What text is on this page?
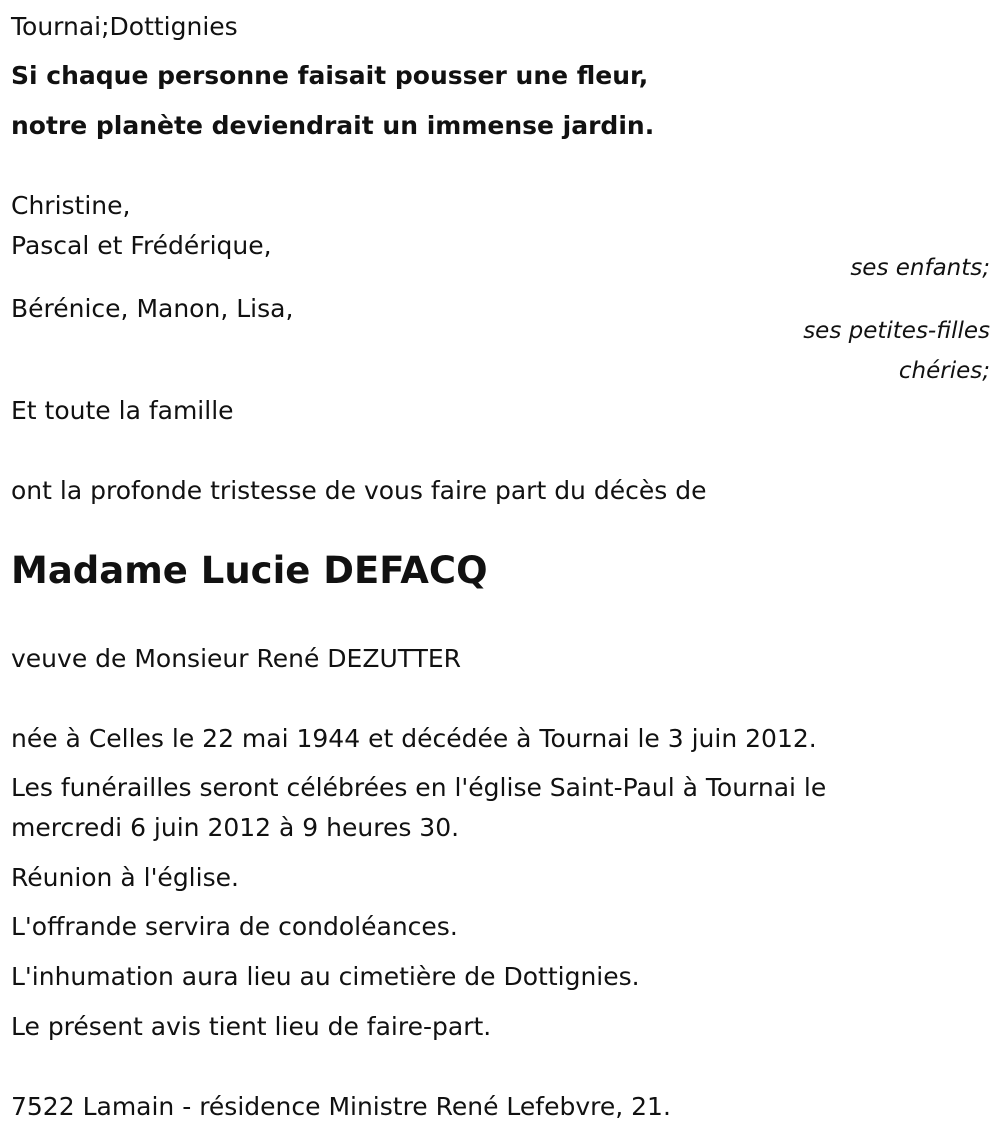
Tournai;Dottignies
Si chaque personne faisait pousser une fleur,
notre planète deviendrait un immense jardin.
Christine,
Pascal et Frédérique,
ses enfants;
Bérénice, Manon, Lisa,
ses petites-filles
chéries;
Et toute la famille
ont la profonde tristesse de vous faire part du décès de
Madame Lucie DEFACQ
veuve de Monsieur René DEZUTTER
née à Celles le 22 mai 1944 et décédée à Tournai le 3 juin 2012.
Les funérailles seront célébrées en l'église Saint-Paul à Tournai le
mercredi 6 juin 2012 à 9 heures 30.
Réunion à l'église.
L'offrande servira de condoléances.
L'inhumation aura lieu au cimetière de Dottignies.
Le présent avis tient lieu de faire-part.
7522 Lamain - résidence Ministre René Lefebvre, 21.
